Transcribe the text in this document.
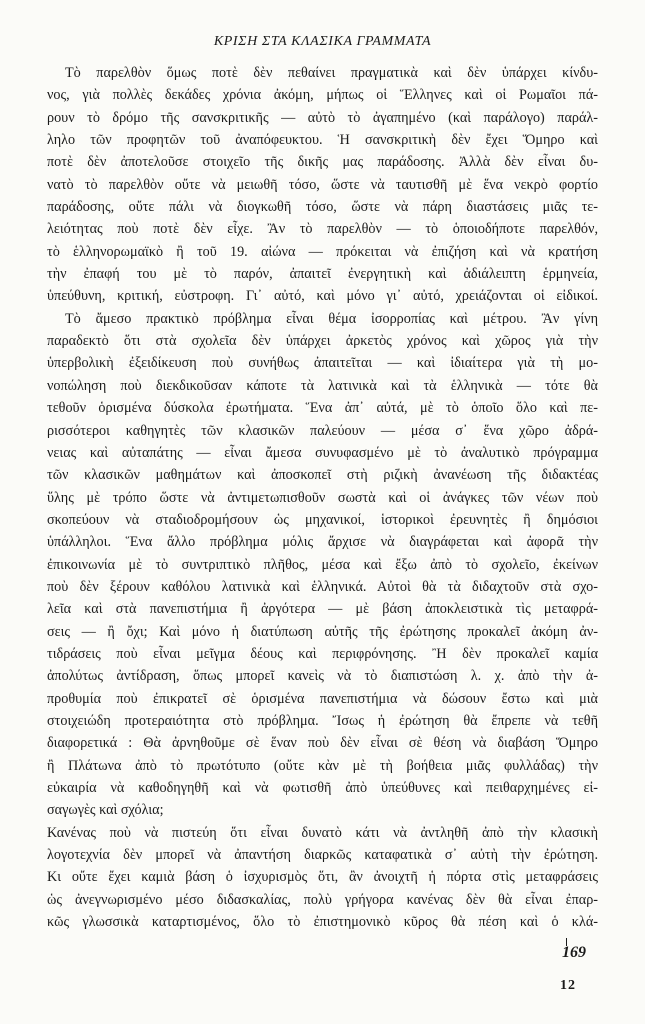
ΚΡΙΣΗ ΣΤΑ ΚΛΑΣΙΚΑ ΓΡΑΜΜΑΤΑ
Τὸ παρελθὸν ὅμως ποτὲ δὲν πεθαίνει πραγματικὰ καὶ δὲν ὑπάρχει κίνδυ-
νος, γιὰ πολλὲς δεκάδες χρόνια ἀκόμη, μήπως οἱ Ἕλληνες καὶ οἱ Ρωμαῖοι πά-
ρουν τὸ δρόμο τῆς σανσκριτικῆς — αὐτὸ τὸ ἀγαπημένο (καὶ παράλογο) παράλ-
ληλο τῶν προφητῶν τοῦ ἀναπόφευκτου. Ἡ σανσκριτικὴ δὲν ἔχει Ὅμηρο καὶ
ποτὲ δὲν ἀποτελοῦσε στοιχεῖο τῆς δικῆς μας παράδοσης. Ἀλλὰ δὲν εἶναι δυ-
νατὸ τὸ παρελθὸν οὔτε νὰ μειωθῆ τόσο, ὥστε νὰ ταυτισθῆ μὲ ἕνα νεκρὸ φορτίο
παράδοσης, οὔτε πάλι νὰ διογκωθῆ τόσο, ὥστε νὰ πάρη διαστάσεις μιᾶς τε-
λειότητας ποὺ ποτὲ δὲν εἶχε. Ἂν τὸ παρελθὸν — τὸ ὁποιοδήποτε παρελθόν,
τὸ ἑλληνορωμαϊκὸ ἢ τοῦ 19. αἰώνα — πρόκειται νὰ ἐπιζήση καὶ νὰ κρατήση
τὴν ἐπαφή του μὲ τὸ παρόν, ἀπαιτεῖ ἐνεργητικὴ καὶ ἀδιάλειπτη ἑρμηνεία,
ὑπεύθυνη, κριτική, εὐστροφη. Γι᾽ αὐτό, καὶ μόνο γι᾽ αὐτό, χρειάζονται οἱ εἰδικοί.
Τὸ ἄμεσο πρακτικὸ πρόβλημα εἶναι θέμα ἰσορροπίας καὶ μέτρου. Ἂν γίνη
παραδεκτὸ ὅτι στὰ σχολεῖα δὲν ὑπάρχει ἀρκετὸς χρόνος καὶ χῶρος γιὰ τὴν
ὑπερβολικὴ ἐξειδίκευση ποὺ συνήθως ἀπαιτεῖται — καὶ ἰδιαίτερα γιὰ τὴ μο-
νοπώληση ποὺ διεκδικοῦσαν κάποτε τὰ λατινικὰ καὶ τὰ ἑλληνικὰ — τότε θὰ
τεθοῦν ὁρισμένα δύσκολα ἐρωτήματα. Ἕνα ἀπ᾽ αὐτά, μὲ τὸ ὁποῖο ὅλο καὶ πε-
ρισσότεροι καθηγητὲς τῶν κλασικῶν παλεύουν — μέσα σ᾽ ἕνα χῶρο ἀδρά-
νειας καὶ αὐταπάτης — εἶναι ἄμεσα συνυφασμένο μὲ τὸ ἀναλυτικὸ πρόγραμμα
τῶν κλασικῶν μαθημάτων καὶ ἀποσκοπεῖ στὴ ριζικὴ ἀνανέωση τῆς διδακτέας
ὕλης μὲ τρόπο ὥστε νὰ ἀντιμετωπισθοῦν σωστὰ καὶ οἱ ἀνάγκες τῶν νέων ποὺ
σκοπεύουν νὰ σταδιοδρομήσουν ὡς μηχανικοί, ἱστορικοὶ ἐρευνητὲς ἢ δημόσιοι
ὑπάλληλοι. Ἕνα ἄλλο πρόβλημα μόλις ἄρχισε νὰ διαγράφεται καὶ ἀφορᾶ τὴν
ἐπικοινωνία μὲ τὸ συντριπτικὸ πλῆθος, μέσα καὶ ἔξω ἀπὸ τὸ σχολεῖο, ἐκείνων
ποὺ δὲν ξέρουν καθόλου λατινικὰ καὶ ἑλληνικά. Αὐτοὶ θὰ τὰ διδαχτοῦν στὰ σχο-
λεῖα καὶ στὰ πανεπιστήμια ἢ ἀργότερα — μὲ βάση ἀποκλειστικὰ τὶς μεταφρά-
σεις — ἢ ὄχι; Καὶ μόνο ἡ διατύπωση αὐτῆς τῆς ἐρώτησης προκαλεῖ ἀκόμη ἀν-
τιδράσεις ποὺ εἶναι μεῖγμα δέους καὶ περιφρόνησης. Ἢ δὲν προκαλεῖ καμία
ἀπολύτως ἀντίδραση, ὅπως μπορεῖ κανεὶς νὰ τὸ διαπιστώση λ. χ. ἀπὸ τὴν ἀ-
προθυμία ποὺ ἐπικρατεῖ σὲ ὁρισμένα πανεπιστήμια νὰ δώσουν ἔστω καὶ μιὰ
στοιχειώδη προτεραιότητα στὸ πρόβλημα. Ἴσως ἡ ἐρώτηση θὰ ἔπρεπε νὰ τεθῆ
διαφορετικά : Θὰ ἀρνηθοῦμε σὲ ἕναν ποὺ δὲν εἶναι σὲ θέση νὰ διαβάση Ὅμηρο
ἢ Πλάτωνα ἀπὸ τὸ πρωτότυπο (οὔτε κὰν μὲ τὴ βοήθεια μιᾶς φυλλάδας) τὴν
εὐκαιρία νὰ καθοδηγηθῆ καὶ νὰ φωτισθῆ ἀπὸ ὑπεύθυνες καὶ πειθαρχημένες εἰ-
σαγωγὲς καὶ σχόλια;
Κανένας ποὺ νὰ πιστεύη ὅτι εἶναι δυνατὸ κάτι νὰ ἀντληθῆ ἀπὸ τὴν κλασικὴ
λογοτεχνία δὲν μπορεῖ νὰ ἀπαντήση διαρκῶς καταφατικὰ σ᾽ αὐτὴ τὴν ἐρώτηση.
Κι οὔτε ἔχει καμιὰ βάση ὁ ἰσχυρισμὸς ὅτι, ἂν ἀνοιχτῆ ἡ πόρτα στὶς μεταφράσεις
ὡς ἀνεγνωρισμένο μέσο διδασκαλίας, πολὺ γρήγορα κανένας δὲν θὰ εἶναι ἐπαρ-
κῶς γλωσσικὰ καταρτισμένος, ὅλο τὸ ἐπιστημονικὸ κῦρος θὰ πέση καὶ ὁ κλά-
169
12
